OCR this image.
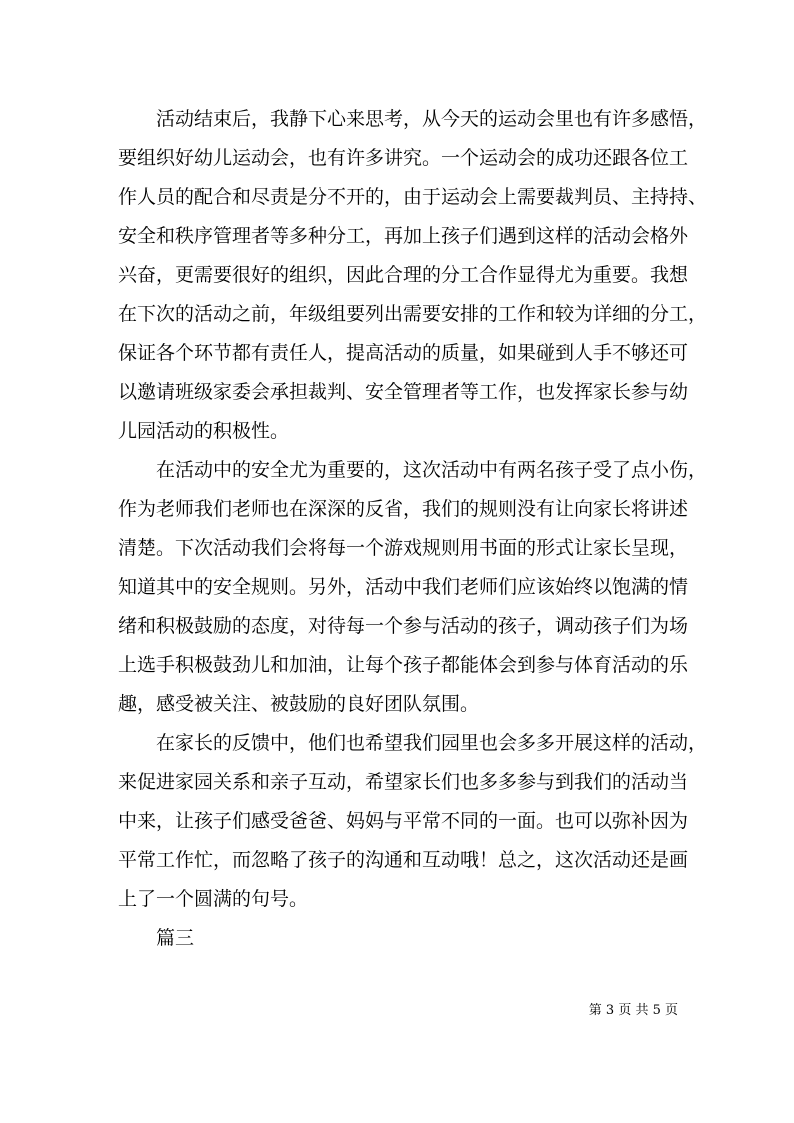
活动结束后，我静下心来思考，从今天的运动会里也有许多感悟，
要组织好幼儿运动会，也有许多讲究。一个运动会的成功还跟各位工
作人员的配合和尽责是分不开的，由于运动会上需要裁判员、主持持、
安全和秩序管理者等多种分工，再加上孩子们遇到这样的活动会格外
兴奋，更需要很好的组织，因此合理的分工合作显得尤为重要。我想
在下次的活动之前，年级组要列出需要安排的工作和较为详细的分工，
保证各个环节都有责任人，提高活动的质量，如果碰到人手不够还可
以邀请班级家委会承担裁判、安全管理者等工作，也发挥家长参与幼
儿园活动的积极性。
在活动中的安全尤为重要的，这次活动中有两名孩子受了点小伤，
作为老师我们老师也在深深的反省，我们的规则没有让向家长将讲述
清楚。下次活动我们会将每一个游戏规则用书面的形式让家长呈现，
知道其中的安全规则。另外，活动中我们老师们应该始终以饱满的情
绪和积极鼓励的态度，对待每一个参与活动的孩子，调动孩子们为场
上选手积极鼓劲儿和加油，让每个孩子都能体会到参与体育活动的乐
趣，感受被关注、被鼓励的良好团队氛围。
在家长的反馈中，他们也希望我们园里也会多多开展这样的活动，
来促进家园关系和亲子互动，希望家长们也多多参与到我们的活动当
中来，让孩子们感受爸爸、妈妈与平常不同的一面。也可以弥补因为
平常工作忙，而忽略了孩子的沟通和互动哦！总之，这次活动还是画
上了一个圆满的句号。
篇三
第 3 页 共 5 页
